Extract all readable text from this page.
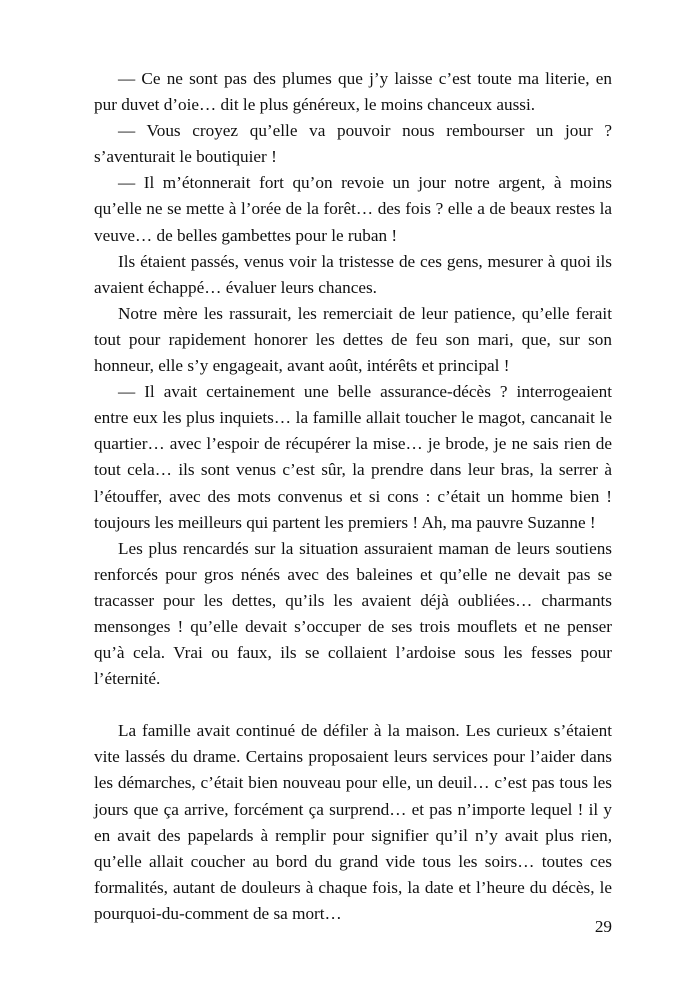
— Ce ne sont pas des plumes que j’y laisse c’est toute ma literie, en pur duvet d’oie… dit le plus généreux, le moins chanceux aussi.

— Vous croyez qu’elle va pouvoir nous rembourser un jour ? s’aventurait le boutiquier !

— Il m’étonnerait fort qu’on revoie un jour notre argent, à moins qu’elle ne se mette à l’orée de la forêt… des fois ? elle a de beaux restes la veuve… de belles gambettes pour le ruban !

Ils étaient passés, venus voir la tristesse de ces gens, mesurer à quoi ils avaient échappé… évaluer leurs chances.

Notre mère les rassurait, les remerciait de leur patience, qu’elle ferait tout pour rapidement honorer les dettes de feu son mari, que, sur son honneur, elle s’y engageait, avant août, intérêts et principal !

— Il avait certainement une belle assurance-décès ? interrogeaient entre eux les plus inquiets… la famille allait toucher le magot, cancanait le quartier… avec l’espoir de récupérer la mise… je brode, je ne sais rien de tout cela… ils sont venus c’est sûr, la prendre dans leur bras, la serrer à l’étouffer, avec des mots convenus et si cons : c’était un homme bien ! toujours les meilleurs qui partent les premiers ! Ah, ma pauvre Suzanne !

Les plus rencardés sur la situation assuraient maman de leurs soutiens renforcés pour gros nénés avec des baleines et qu’elle ne devait pas se tracasser pour les dettes, qu’ils les avaient déjà oubliées… charmants mensonges ! qu’elle devait s’occuper de ses trois mouflets et ne penser qu’à cela. Vrai ou faux, ils se collaient l’ardoise sous les fesses pour l’éternité.

La famille avait continué de défiler à la maison. Les curieux s’étaient vite lassés du drame. Certains proposaient leurs services pour l’aider dans les démarches, c’était bien nouveau pour elle, un deuil… c’est pas tous les jours que ça arrive, forcément ça surprend… et pas n’importe lequel ! il y en avait des papelards à remplir pour signifier qu’il n’y avait plus rien, qu’elle allait coucher au bord du grand vide tous les soirs… toutes ces formalités, autant de douleurs à chaque fois, la date et l’heure du décès, le pourquoi-du-comment de sa mort…

29
